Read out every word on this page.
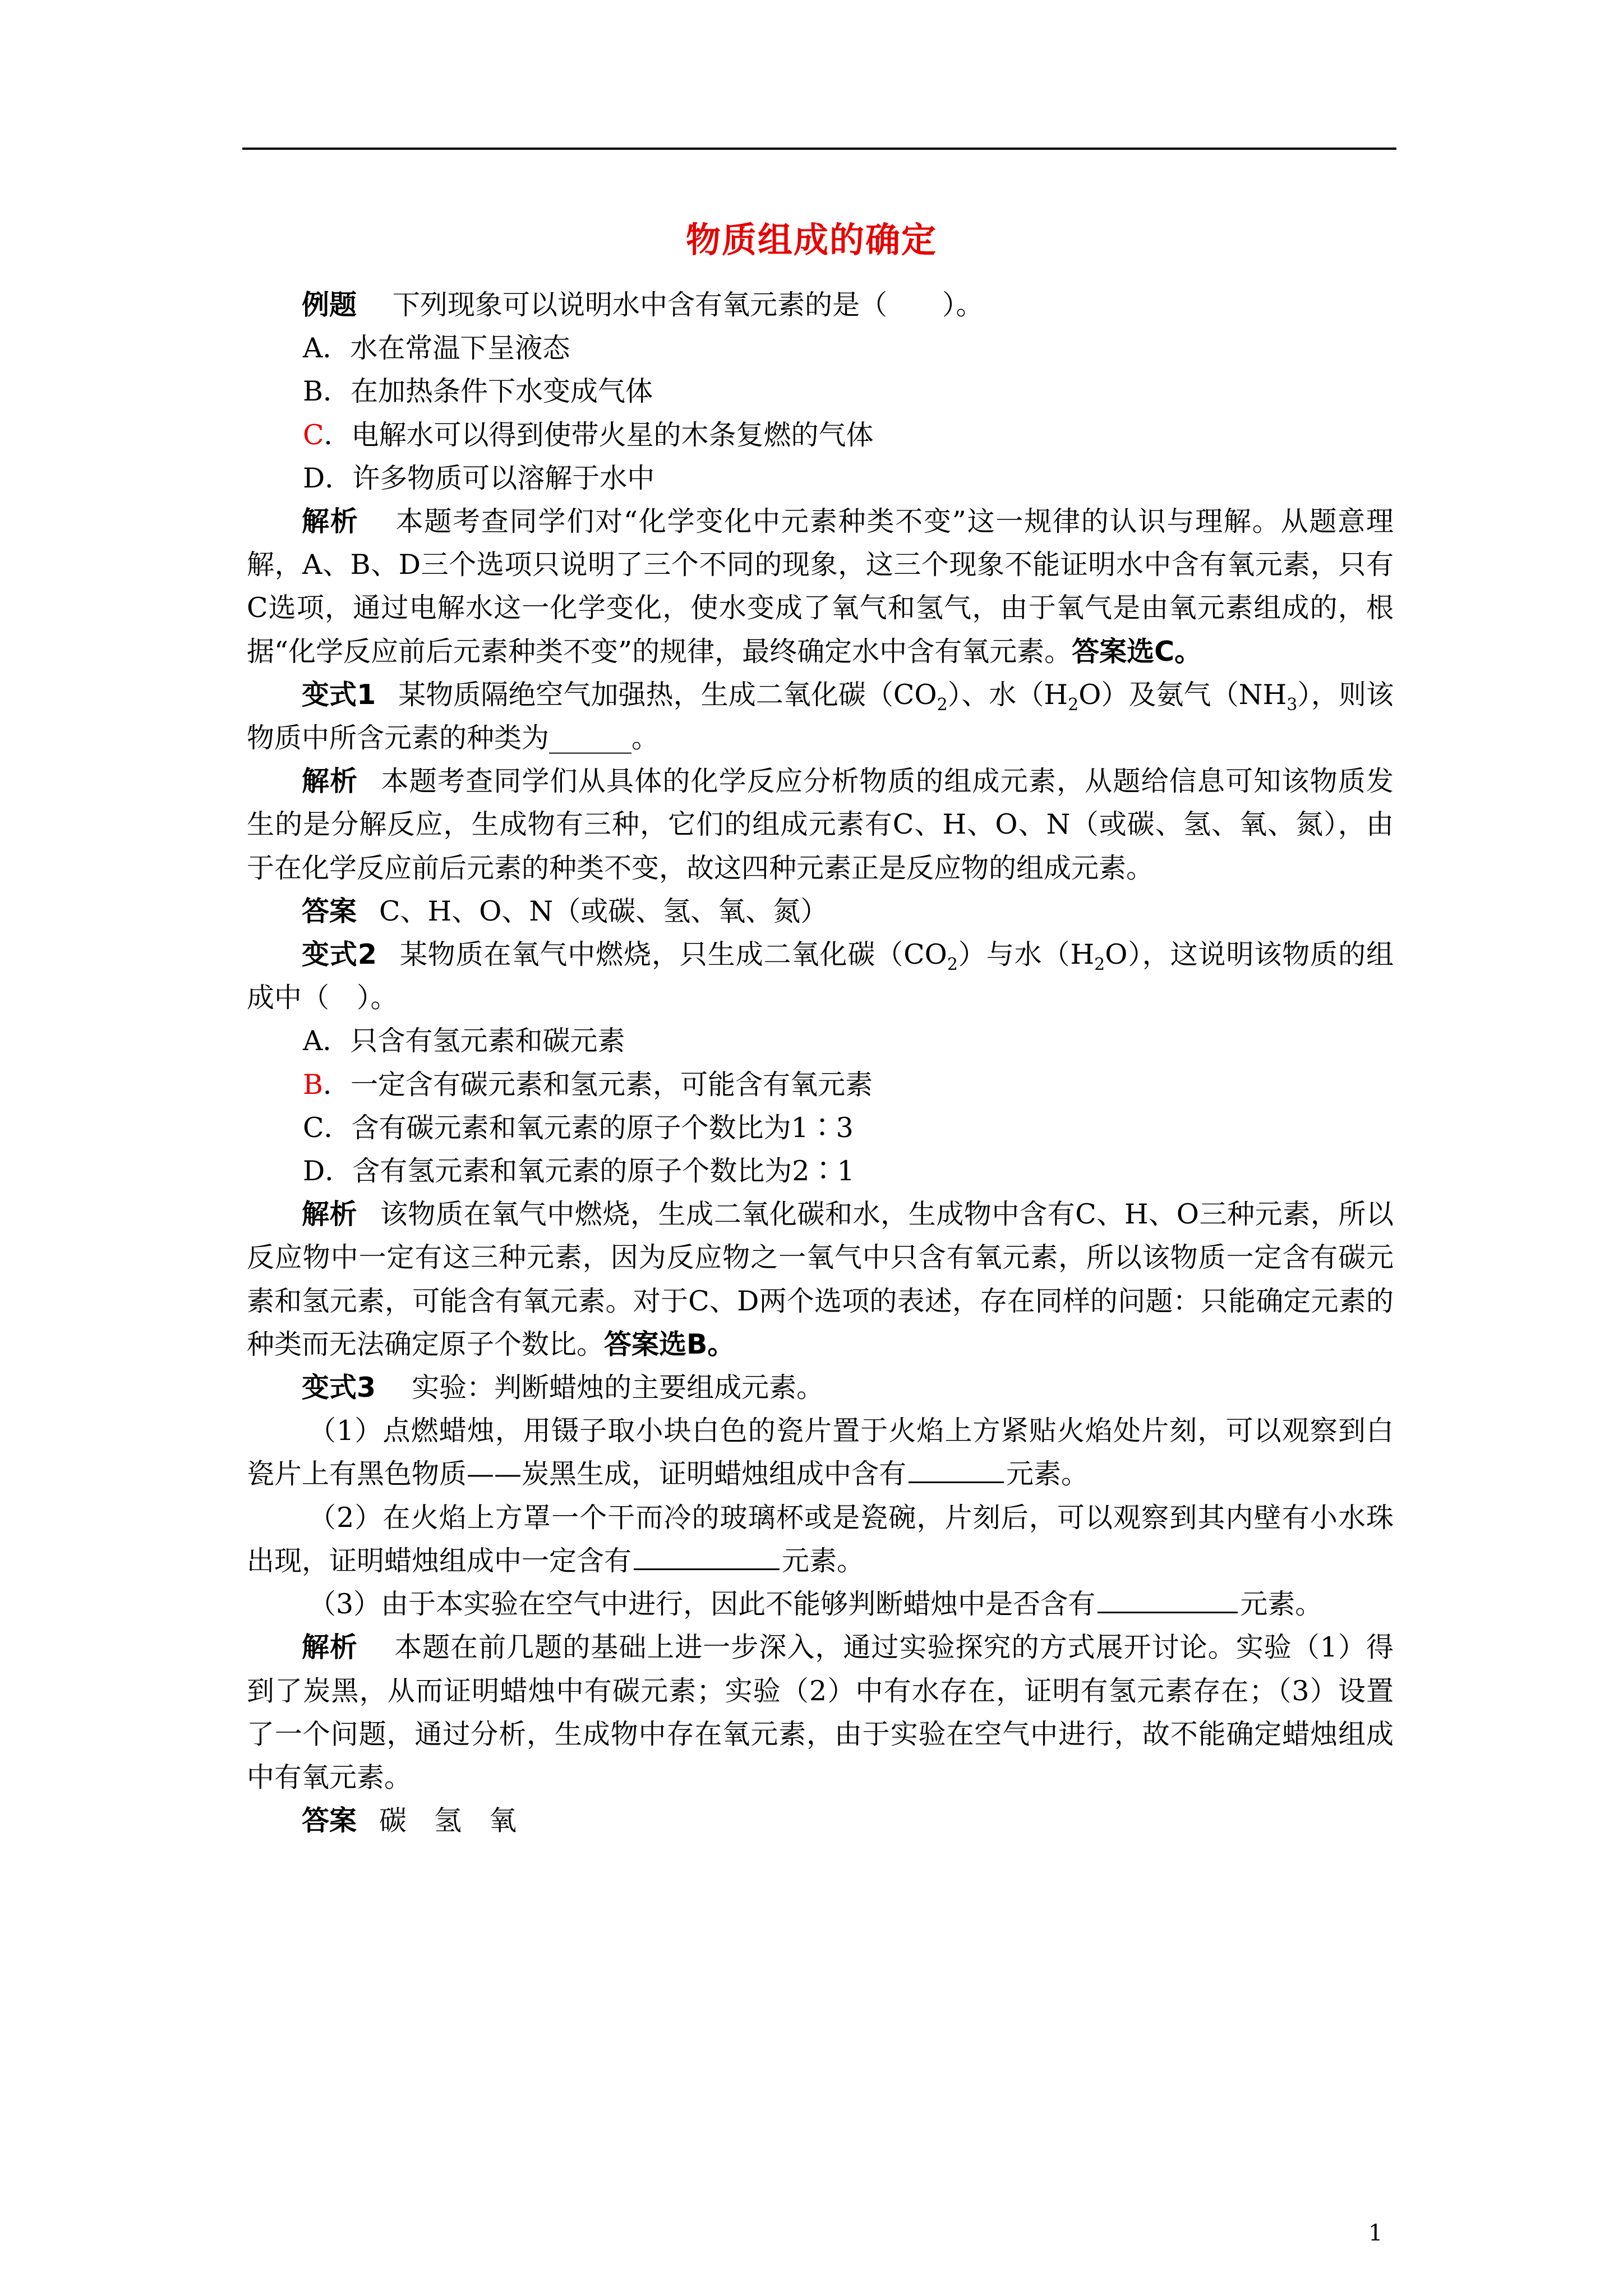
物质组成的确定

例题 下列现象可以说明水中含有氧元素的是（　　）。

A．水在常温下呈液态

B．在加热条件下水变成气体

C．电解水可以得到使带火星的木条复燃的气体

D．许多物质可以溶解于水中

解析 本题考查同学们对“化学变化中元素种类不变”这一规律的认识与理解。从题意理解，A、B、D三个选项只说明了三个不同的现象，这三个现象不能证明水中含有氧元素，只有C选项，通过电解水这一化学变化，使水变成了氧气和氢气，由于氧气是由氧元素组成的，根据“化学反应前后元素种类不变”的规律，最终确定水中含有氧元素。答案选C。

变式1 某物质隔绝空气加强热，生成二氧化碳$(CO_2)$、水$(H_2O)$及氨气$(NH_3)$，则该物质中所含元素的种类为______。

解析 本题考查同学们从具体的化学反应分析物质的组成元素，从题给信息可知该物质发生的是分解反应，生成物有三种，它们的组成元素有C、H、O、N（或碳、氢、氧、氮），由于在化学反应前后元素的种类不变，故这四种元素正是反应物的组成元素。

答案 C、H、O、N（或碳、氢、氧、氮）

变式2 某物质在氧气中燃烧，只生成二氧化碳$(CO_2)$与水$(H_2O)$，这说明该物质的组成中（　）。

A．只含有氢元素和碳元素

B．一定含有碳元素和氢元素，可能含有氧元素

C．含有碳元素和氧元素的原子个数比为1∶3

D．含有氢元素和氧元素的原子个数比为2∶1

解析 该物质在氧气中燃烧，生成二氧化碳和水，生成物中含有C、H、O三种元素，所以反应物中一定有这三种元素，因为反应物之一氧气中只含有氧元素，所以该物质一定含有碳元素和氢元素，可能含有氧元素。对于C、D两个选项的表述，存在同样的问题：只能确定元素的种类而无法确定原子个数比。答案选B。

变式3 实验：判断蜡烛的主要组成元素。

（1）点燃蜡烛，用镊子取小块白色的瓷片置于火焰上方紧贴火焰处片刻，可以观察到白瓷片上有黑色物质——炭黑生成，证明蜡烛组成中含有	元素。

（2）在火焰上方罩一个干而冷的玻璃杯或是瓷碗，片刻后，可以观察到其内壁有小水珠出现，证明蜡烛组成中一定含有	元素。

（3）由于本实验在空气中进行，因此不能够判断蜡烛中是否含有	元素。

解析 本题在前几题的基础上进一步深入，通过实验探究的方式展开讨论。实验（1）得到了炭黑，从而证明蜡烛中有碳元素；实验（2）中有水存在，证明有氢元素存在；（3）设置了一个问题，通过分析，生成物中存在氧元素，由于实验在空气中进行，故不能确定蜡烛组成中有氧元素。

答案 碳　氢　氧

1
